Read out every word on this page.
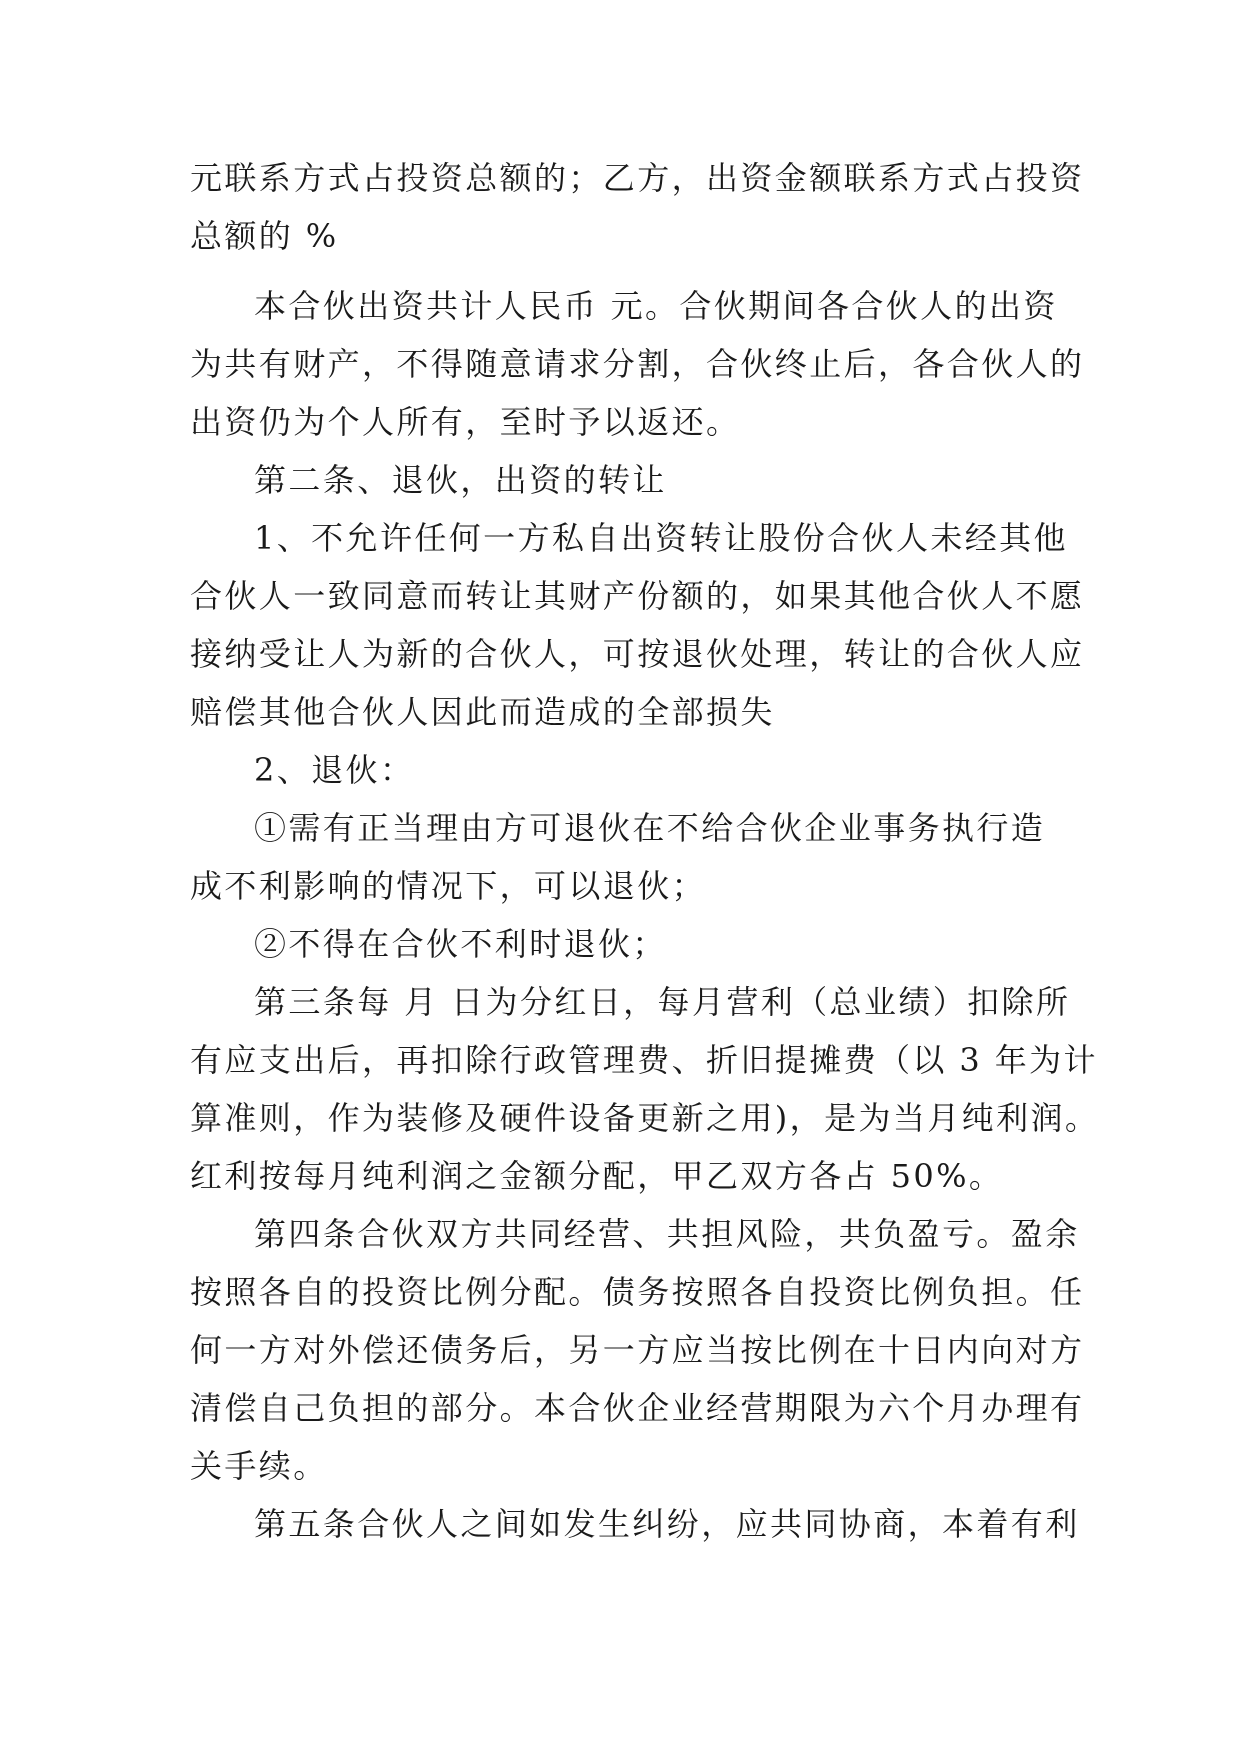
元联系方式占投资总额的；乙方，出资金额联系方式占投资
总额的 %
本合伙出资共计人民币 元。合伙期间各合伙人的出资
为共有财产，不得随意请求分割，合伙终止后，各合伙人的
出资仍为个人所有，至时予以返还。
第二条、退伙，出资的转让
1、不允许任何一方私自出资转让股份合伙人未经其他
合伙人一致同意而转让其财产份额的，如果其他合伙人不愿
接纳受让人为新的合伙人，可按退伙处理，转让的合伙人应
赔偿其他合伙人因此而造成的全部损失
2、退伙：
①需有正当理由方可退伙在不给合伙企业事务执行造
成不利影响的情况下，可以退伙；
②不得在合伙不利时退伙；
第三条每 月 日为分红日，每月营利（总业绩）扣除所
有应支出后，再扣除行政管理费、折旧提摊费（以 3 年为计
算准则，作为装修及硬件设备更新之用)，是为当月纯利润。
红利按每月纯利润之金额分配，甲乙双方各占 50%。
第四条合伙双方共同经营、共担风险，共负盈亏。盈余
按照各自的投资比例分配。债务按照各自投资比例负担。任
何一方对外偿还债务后，另一方应当按比例在十日内向对方
清偿自己负担的部分。本合伙企业经营期限为六个月办理有
关手续。
第五条合伙人之间如发生纠纷，应共同协商，本着有利
